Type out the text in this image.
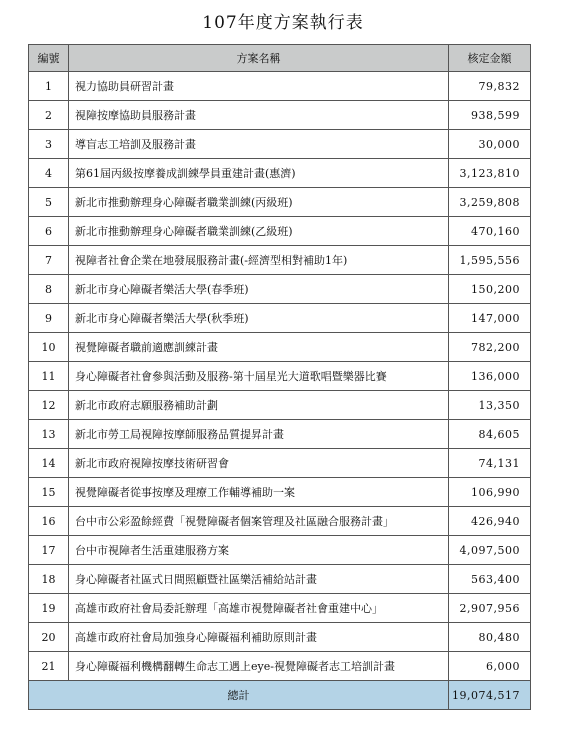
107年度方案執行表
編號	方案名稱	核定金額
1	視力協助員研習計畫	79,832
2	視障按摩協助員服務計畫	938,599
3	導盲志工培訓及服務計畫	30,000
4	第61屆丙級按摩養成訓練學員重建計畫(惠濟)	3,123,810
5	新北市推動辦理身心障礙者職業訓練(丙級班)	3,259,808
6	新北市推動辦理身心障礙者職業訓練(乙級班)	470,160
7	視障者社會企業在地發展服務計畫(-經濟型相對補助1年)	1,595,556
8	新北市身心障礙者樂活大學(春季班)	150,200
9	新北市身心障礙者樂活大學(秋季班)	147,000
10	視覺障礙者職前適應訓練計畫	782,200
11	身心障礙者社會參與活動及服務-第十屆星光大道歌唱暨樂器比賽	136,000
12	新北市政府志願服務補助計劃	13,350
13	新北市勞工局視障按摩師服務品質提昇計畫	84,605
14	新北市政府視障按摩技術研習會	74,131
15	視覺障礙者從事按摩及理療工作輔導補助一案	106,990
16	台中市公彩盈餘經費「視覺障礙者個案管理及社區融合服務計畫」	426,940
17	台中市視障者生活重建服務方案	4,097,500
18	身心障礙者社區式日間照顧暨社區樂活補給站計畫	563,400
19	高雄市政府社會局委託辦理「高雄市視覺障礙者社會重建中心」	2,907,956
20	高雄市政府社會局加強身心障礙福利補助原則計畫	80,480
21	身心障礙福利機構翻轉生命志工遇上eye-視覺障礙者志工培訓計畫	6,000
總計		19,074,517
